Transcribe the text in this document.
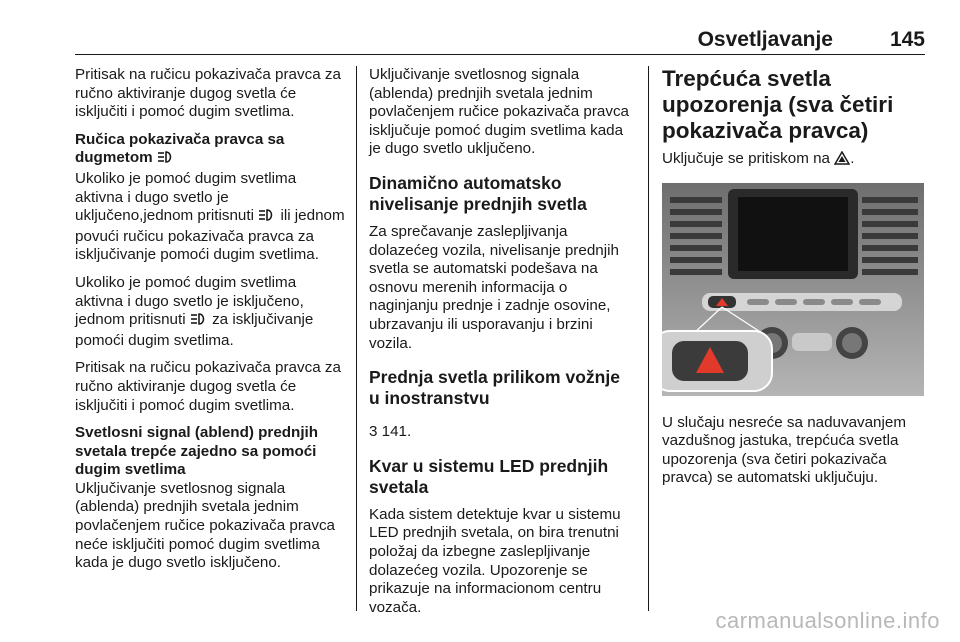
Osvetljavanje	145

Pritisak na ručicu pokazivača pravca za ručno aktiviranje dugog svetla će isključiti i pomoć dugim svetlima.

Ručica pokazivača pravca sa dugmetom

Ukoliko je pomoć dugim svetlima aktivna i dugo svetlo je uključeno,jednom pritisnuti ili jednom povući ručicu pokazivača pravca za isključivanje pomoći dugim svetlima.

Ukoliko je pomoć dugim svetlima aktivna i dugo svetlo je isključeno, jednom pritisnuti za isključivanje pomoći dugim svetlima.

Pritisak na ručicu pokazivača pravca za ručno aktiviranje dugog svetla će isključiti i pomoć dugim svetlima.

Svetlosni signal (ablend) prednjih svetala trepće zajedno sa pomoći dugim svetlima

Uključivanje svetlosnog signala (ablenda) prednjih svetala jednim povlačenjem ručice pokazivača pravca neće isključiti pomoć dugim svetlima kada je dugo svetlo isključeno.

Uključivanje svetlosnog signala (ablenda) prednjih svetala jednim povlačenjem ručice pokazivača pravca isključuje pomoć dugim svetlima kada je dugo svetlo uključeno.

Dinamično automatsko nivelisanje prednjih svetla

Za sprečavanje zaslepljivanja dolazećeg vozila, nivelisanje prednjih svetla se automatski podešava na osnovu merenih informacija o naginjanju prednje i zadnje osovine, ubrzavanju ili usporavanju i brzini vozila.

Prednja svetla prilikom vožnje u inostranstvu

3 141.

Kvar u sistemu LED prednjih svetala

Kada sistem detektuje kvar u sistemu LED prednjih svetala, on bira trenutni položaj da izbegne zaslepljivanje dolazećeg vozila. Upozorenje se prikazuje na informacionom centru vozača.

Trepćuća svetla upozorenja (sva četiri pokazivača pravca)

Uključuje se pritiskom na .

U slučaju nesreće sa naduvavanjem vazdušnog jastuka, trepćuća svetla upozorenja (sva četiri pokazivača pravca) se automatski uključuju.

carmanualsonline.info
